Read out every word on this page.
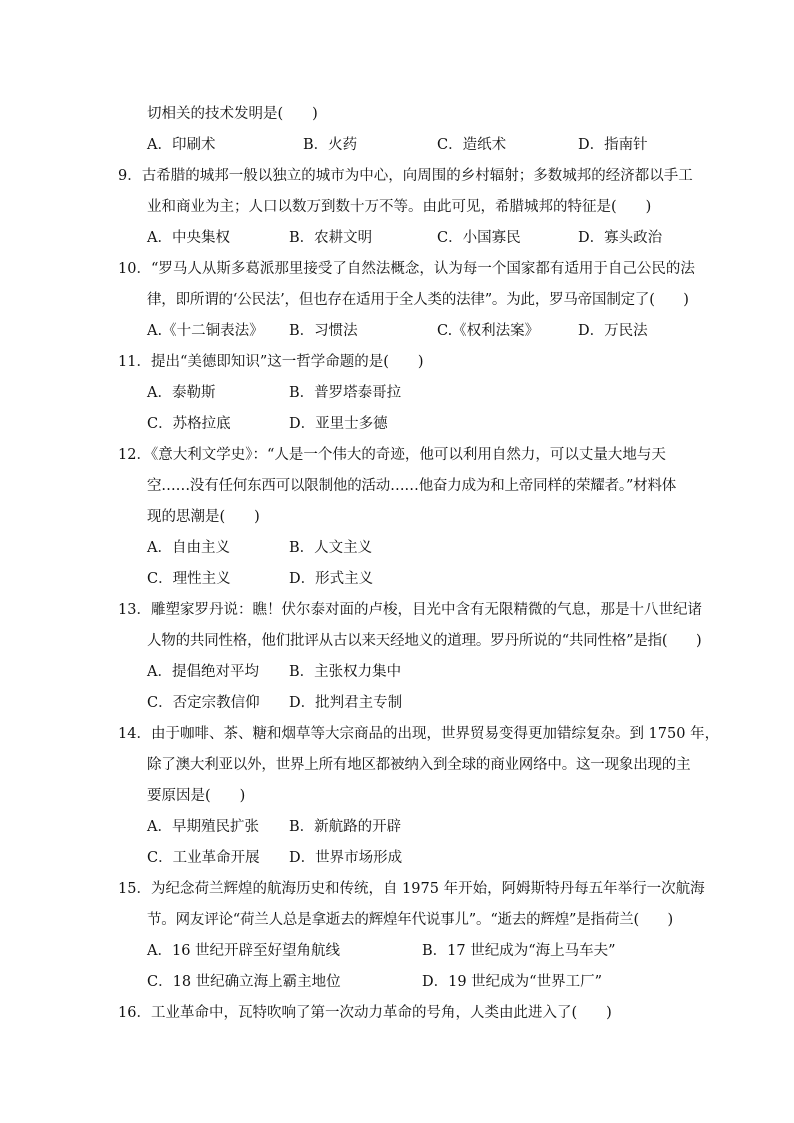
切相关的技术发明是(　　)
A．印刷术	B．火药	C．造纸术	D．指南针
9．古希腊的城邦一般以独立的城市为中心，向周围的乡村辐射；多数城邦的经济都以手工
业和商业为主；人口以数万到数十万不等。由此可见，希腊城邦的特征是(　　)
A．中央集权	B．农耕文明	C．小国寡民	D．寡头政治
10．“罗马人从斯多葛派那里接受了自然法概念，认为每一个国家都有适用于自己公民的法
律，即所谓的‘公民法’，但也存在适用于全人类的法律”。为此，罗马帝国制定了(　　)
A.《十二铜表法》 B．习惯法	C.《权利法案》	D．万民法
11．提出“美德即知识”这一哲学命题的是(　　)
A．泰勒斯	B．普罗塔泰哥拉
C．苏格拉底	D．亚里士多德
12．《意大利文学史》：“人是一个伟大的奇迹，他可以利用自然力，可以丈量大地与天
空……没有任何东西可以限制他的活动……他奋力成为和上帝同样的荣耀者。”材料体
现的思潮是(　　)
A．自由主义	B．人文主义
C．理性主义	D．形式主义
13．雕塑家罗丹说：瞧！伏尔泰对面的卢梭，目光中含有无限精微的气息，那是十八世纪诸
人物的共同性格，他们批评从古以来天经地义的道理。罗丹所说的“共同性格”是指(　　)
A．提倡绝对平均 B．主张权力集中
C．否定宗教信仰 D．批判君主专制
14．由于咖啡、茶、糖和烟草等大宗商品的出现，世界贸易变得更加错综复杂。到 1750 年，
除了澳大利亚以外，世界上所有地区都被纳入到全球的商业网络中。这一现象出现的主
要原因是(　　)
A．早期殖民扩张 B．新航路的开辟
C．工业革命开展 D．世界市场形成
15．为纪念荷兰辉煌的航海历史和传统，自 1975 年开始，阿姆斯特丹每五年举行一次航海
节。网友评论“荷兰人总是拿逝去的辉煌年代说事儿”。“逝去的辉煌”是指荷兰(　　)
A．16 世纪开辟至好望角航线	B．17 世纪成为“海上马车夫”
C．18 世纪确立海上霸主地位	D．19 世纪成为“世界工厂”
16．工业革命中，瓦特吹响了第一次动力革命的号角，人类由此进入了(　　)
